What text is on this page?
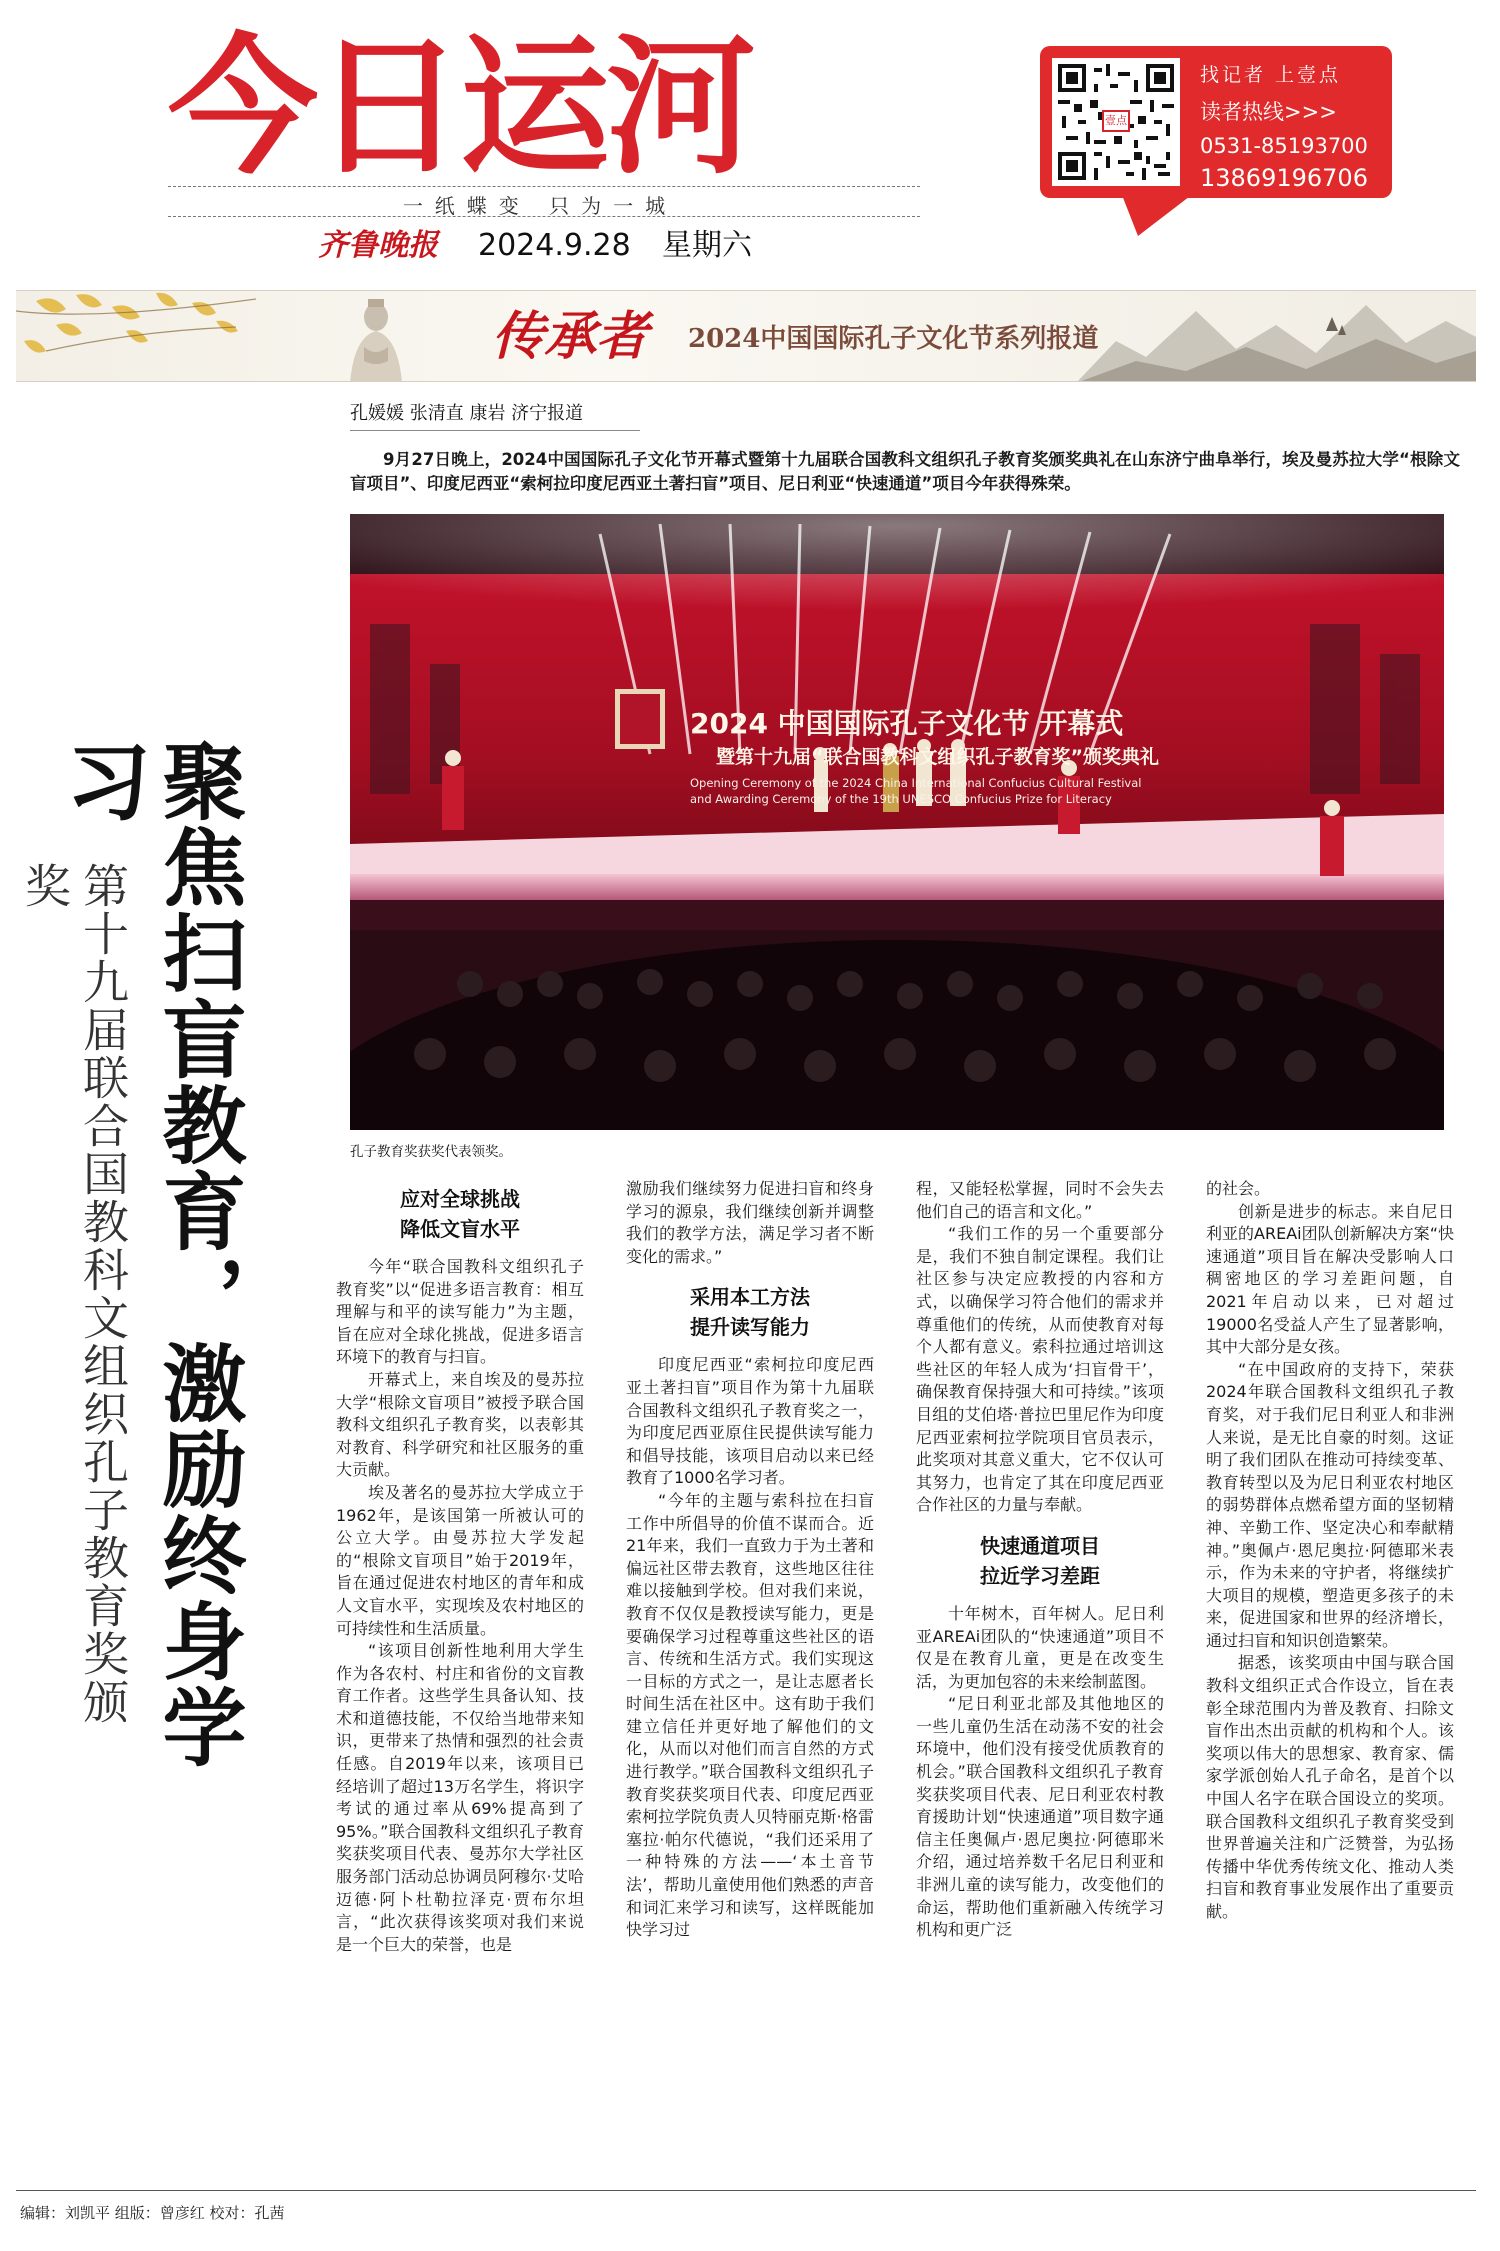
今日运河
一纸蝶变 只为一城
齐鲁晚报	2024.9.28 星期六
壹点
找记者 上壹点
读者热线>>>
0531-85193700
13869196706
传承者 2024中国国际孔子文化节系列报道
孔媛媛 张清直 康岩 济宁报道

9月27日晚上，2024中国国际孔子文化节开幕式暨第十九届联合国教科文组织孔子教育奖颁奖典礼在山东济宁曲阜举行，埃及曼苏拉大学“根除文盲项目”、印度尼西亚“索柯拉印度尼西亚土著扫盲”项目、尼日利亚“快速通道”项目今年获得殊荣。

2024 中国国际孔子文化节 开幕式
暨第十九届“联合国教科文组织孔子教育奖”颁奖典礼
Opening Ceremony of the 2024 China International Confucius Cultural Festival
and Awarding Ceremony of the 19th UNESCO Confucius Prize for Literacy
孔子教育奖获奖代表领奖。
聚焦扫盲教育，激励终身学习
第十九届联合国教科文组织孔子教育奖颁奖
应对全球挑战
降低文盲水平

今年“联合国教科文组织孔子教育奖”以“促进多语言教育：相互理解与和平的读写能力”为主题，旨在应对全球化挑战，促进多语言环境下的教育与扫盲。

开幕式上，来自埃及的曼苏拉大学“根除文盲项目”被授予联合国教科文组织孔子教育奖，以表彰其对教育、科学研究和社区服务的重大贡献。

埃及著名的曼苏拉大学成立于1962年，是该国第一所被认可的公立大学。由曼苏拉大学发起的“根除文盲项目”始于2019年，旨在通过促进农村地区的青年和成人文盲水平，实现埃及农村地区的可持续性和生活质量。

“该项目创新性地利用大学生作为各农村、村庄和省份的文盲教育工作者。这些学生具备认知、技术和道德技能，不仅给当地带来知识，更带来了热情和强烈的社会责任感。自2019年以来，该项目已经培训了超过13万名学生，将识字考试的通过率从69%提高到了95%。”联合国教科文组织孔子教育奖获奖项目代表、曼苏尔大学社区服务部门活动总协调员阿穆尔·艾哈迈德·阿卜杜勒拉泽克·贾布尔坦言，“此次获得该奖项对我们来说是一个巨大的荣誉，也是

激励我们继续努力促进扫盲和终身学习的源泉，我们继续创新并调整我们的教学方法，满足学习者不断变化的需求。”

采用本工方法
提升读写能力

印度尼西亚“索柯拉印度尼西亚土著扫盲”项目作为第十九届联合国教科文组织孔子教育奖之一，为印度尼西亚原住民提供读写能力和倡导技能，该项目启动以来已经教育了1000名学习者。

“今年的主题与索科拉在扫盲工作中所倡导的价值不谋而合。近21年来，我们一直致力于为土著和偏远社区带去教育，这些地区往往难以接触到学校。但对我们来说，教育不仅仅是教授读写能力，更是要确保学习过程尊重这些社区的语言、传统和生活方式。我们实现这一目标的方式之一，是让志愿者长时间生活在社区中。这有助于我们建立信任并更好地了解他们的文化，从而以对他们而言自然的方式进行教学。”联合国教科文组织孔子教育奖获奖项目代表、印度尼西亚索柯拉学院负责人贝特丽克斯·格雷塞拉·帕尔代德说，“我们还采用了一种特殊的方法——‘本土音节法’，帮助儿童使用他们熟悉的声音和词汇来学习和读写，这样既能加快学习过

程，又能轻松掌握，同时不会失去他们自己的语言和文化。”

“我们工作的另一个重要部分是，我们不独自制定课程。我们让社区参与决定应教授的内容和方式，以确保学习符合他们的需求并尊重他们的传统，从而使教育对每个人都有意义。索科拉通过培训这些社区的年轻人成为‘扫盲骨干’，确保教育保持强大和可持续。”该项目组的艾伯塔·普拉巴里尼作为印度尼西亚索柯拉学院项目官员表示，此奖项对其意义重大，它不仅认可其努力，也肯定了其在印度尼西亚合作社区的力量与奉献。

快速通道项目
拉近学习差距

十年树木，百年树人。尼日利亚AREAi团队的“快速通道”项目不仅是在教育儿童，更是在改变生活，为更加包容的未来绘制蓝图。

“尼日利亚北部及其他地区的一些儿童仍生活在动荡不安的社会环境中，他们没有接受优质教育的机会。”联合国教科文组织孔子教育奖获奖项目代表、尼日利亚农村教育援助计划“快速通道”项目数字通信主任奥佩卢·恩尼奥拉·阿德耶米介绍，通过培养数千名尼日利亚和非洲儿童的读写能力，改变他们的命运，帮助他们重新融入传统学习机构和更广泛

的社会。

创新是进步的标志。来自尼日利亚的AREAi团队创新解决方案“快速通道”项目旨在解决受影响人口稠密地区的学习差距问题，自2021年启动以来，已对超过19000名受益人产生了显著影响，其中大部分是女孩。

“在中国政府的支持下，荣获2024年联合国教科文组织孔子教育奖，对于我们尼日利亚人和非洲人来说，是无比自豪的时刻。这证明了我们团队在推动可持续变革、教育转型以及为尼日利亚农村地区的弱势群体点燃希望方面的坚韧精神、辛勤工作、坚定决心和奉献精神。”奥佩卢·恩尼奥拉·阿德耶米表示，作为未来的守护者，将继续扩大项目的规模，塑造更多孩子的未来，促进国家和世界的经济增长，通过扫盲和知识创造繁荣。

据悉，该奖项由中国与联合国教科文组织正式合作设立，旨在表彰全球范围内为普及教育、扫除文盲作出杰出贡献的机构和个人。该奖项以伟大的思想家、教育家、儒家学派创始人孔子命名，是首个以中国人名字在联合国设立的奖项。联合国教科文组织孔子教育奖受到世界普遍关注和广泛赞誉，为弘扬传播中华优秀传统文化、推动人类扫盲和教育事业发展作出了重要贡献。

编辑：刘凯平 组版：曾彦红 校对：孔茜
